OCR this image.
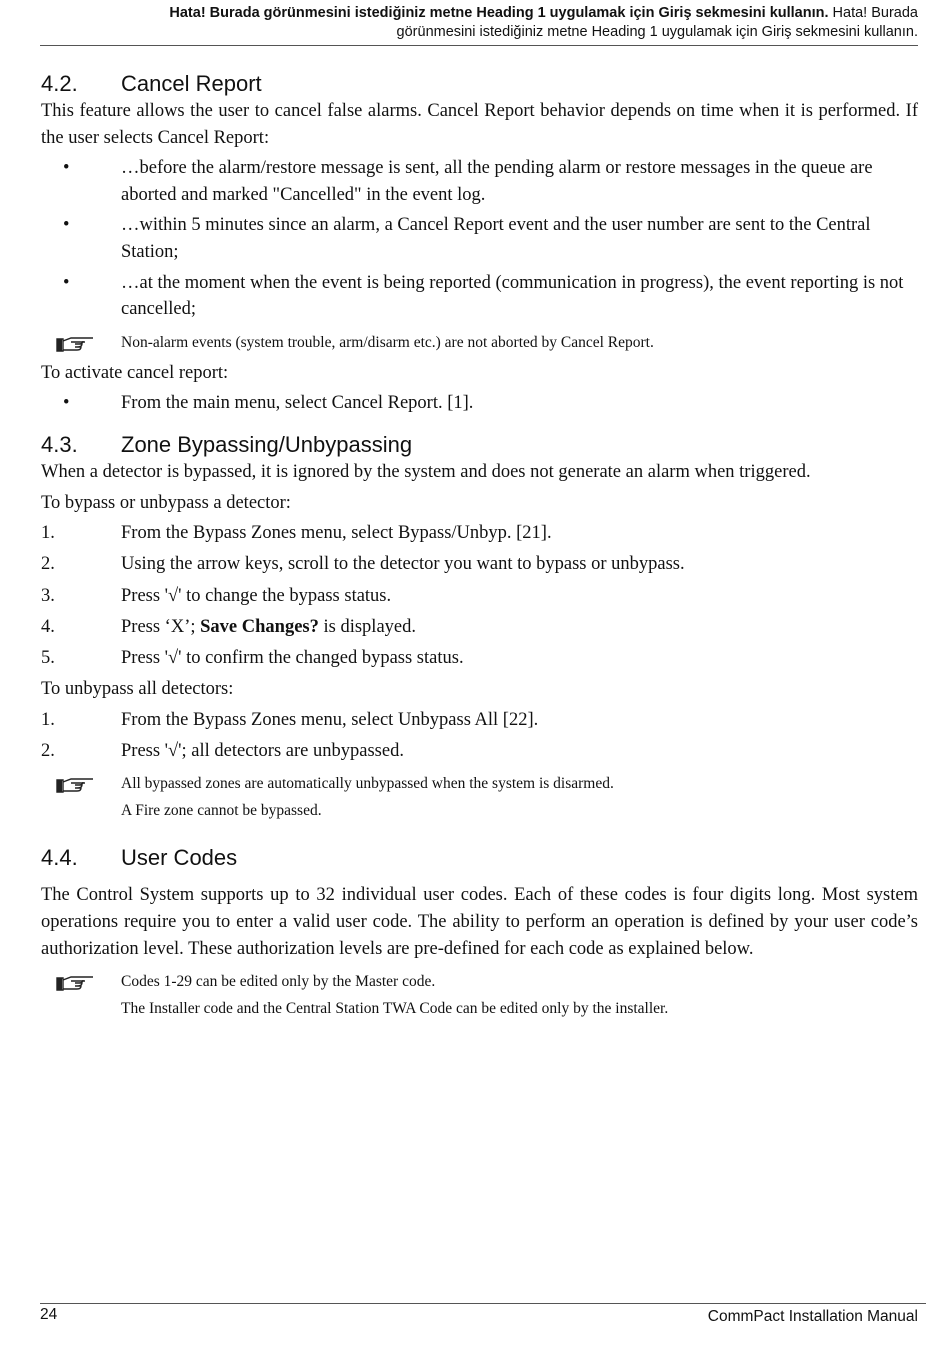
Hata! Burada görünmesini istediğiniz metne Heading 1 uygulamak için Giriş sekmesini kullanın. Hata! Burada
görünmesini istediğiniz metne Heading 1 uygulamak için Giriş sekmesini kullanın.
4.2.	Cancel Report

This feature allows the user to cancel false alarms. Cancel Report behavior depends on time when it is performed. If the user selects Cancel Report:

•	…before the alarm/restore message is sent, all the pending alarm or restore messages in the queue are aborted and marked "Cancelled" in the event log.
•	…within 5 minutes since an alarm, a Cancel Report event and the user number are sent to the Central Station;
•	…at the moment when the event is being reported (communication in progress), the event reporting is not cancelled;
Non-alarm events (system trouble, arm/disarm etc.) are not aborted by Cancel Report.

To activate cancel report:

•	From the main menu, select Cancel Report. [1].
4.3.	Zone Bypassing/Unbypassing

When a detector is bypassed, it is ignored by the system and does not generate an alarm when triggered.

To bypass or unbypass a detector:

1.	From the Bypass Zones menu, select Bypass/Unbyp. [21].
2.	Using the arrow keys, scroll to the detector you want to bypass or unbypass.
3.	Press '√' to change the bypass status.
4.	Press ‘X’; Save Changes? is displayed.
5.	Press '√' to confirm the changed bypass status.

To unbypass all detectors:

1.	From the Bypass Zones menu, select Unbypass All [22].
2.	Press '√'; all detectors are unbypassed.
All bypassed zones are automatically unbypassed when the system is disarmed.
A Fire zone cannot be bypassed.
4.4.	User Codes

The Control System supports up to 32 individual user codes. Each of these codes is four digits long. Most system operations require you to enter a valid user code. The ability to perform an operation is defined by your user code’s authorization level. These authorization levels are pre-defined for each code as explained below.

Codes 1-29 can be edited only by the Master code.
The Installer code and the Central Station TWA Code can be edited only by the installer.
24	CommPact Installation Manual
